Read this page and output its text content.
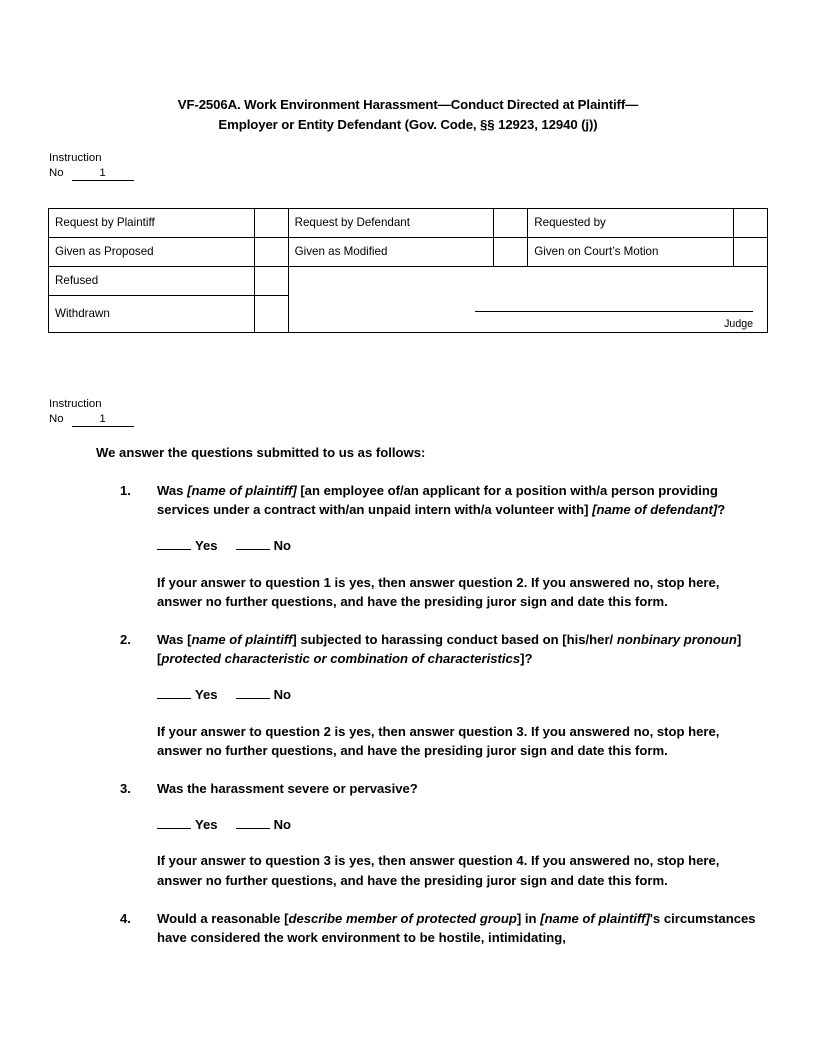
VF-2506A. Work Environment Harassment—Conduct Directed at Plaintiff—
Employer or Entity Defendant (Gov. Code, §§ 12923, 12940 (j))
Instruction
No	1
Request by Plaintiff		Request by Defendant		Requested by	
Given as Proposed		Given as Modified		Given on Court’s Motion	
Refused		Judge			

Withdrawn					
Instruction
No	1

We answer the questions submitted to us as follows:

1.	Was [name of plaintiff] [an employee of/an applicant for a position with/a person providing services under a contract with/an unpaid intern with/a volunteer with] [name of defendant]?
Yes	No
If your answer to question 1 is yes, then answer question 2. If you answered no, stop here, answer no further questions, and have the presiding juror sign and date this form.
2.	Was [name of plaintiff] subjected to harassing conduct based on [his/her/ nonbinary pronoun] [protected characteristic or combination of characteristics]?
Yes	No
If your answer to question 2 is yes, then answer question 3. If you answered no, stop here, answer no further questions, and have the presiding juror sign and date this form.
3.	Was the harassment severe or pervasive?
Yes	No
If your answer to question 3 is yes, then answer question 4. If you answered no, stop here, answer no further questions, and have the presiding juror sign and date this form.
4.	Would a reasonable [describe member of protected group] in [name of plaintiff]'s circumstances have considered the work environment to be hostile, intimidating,
